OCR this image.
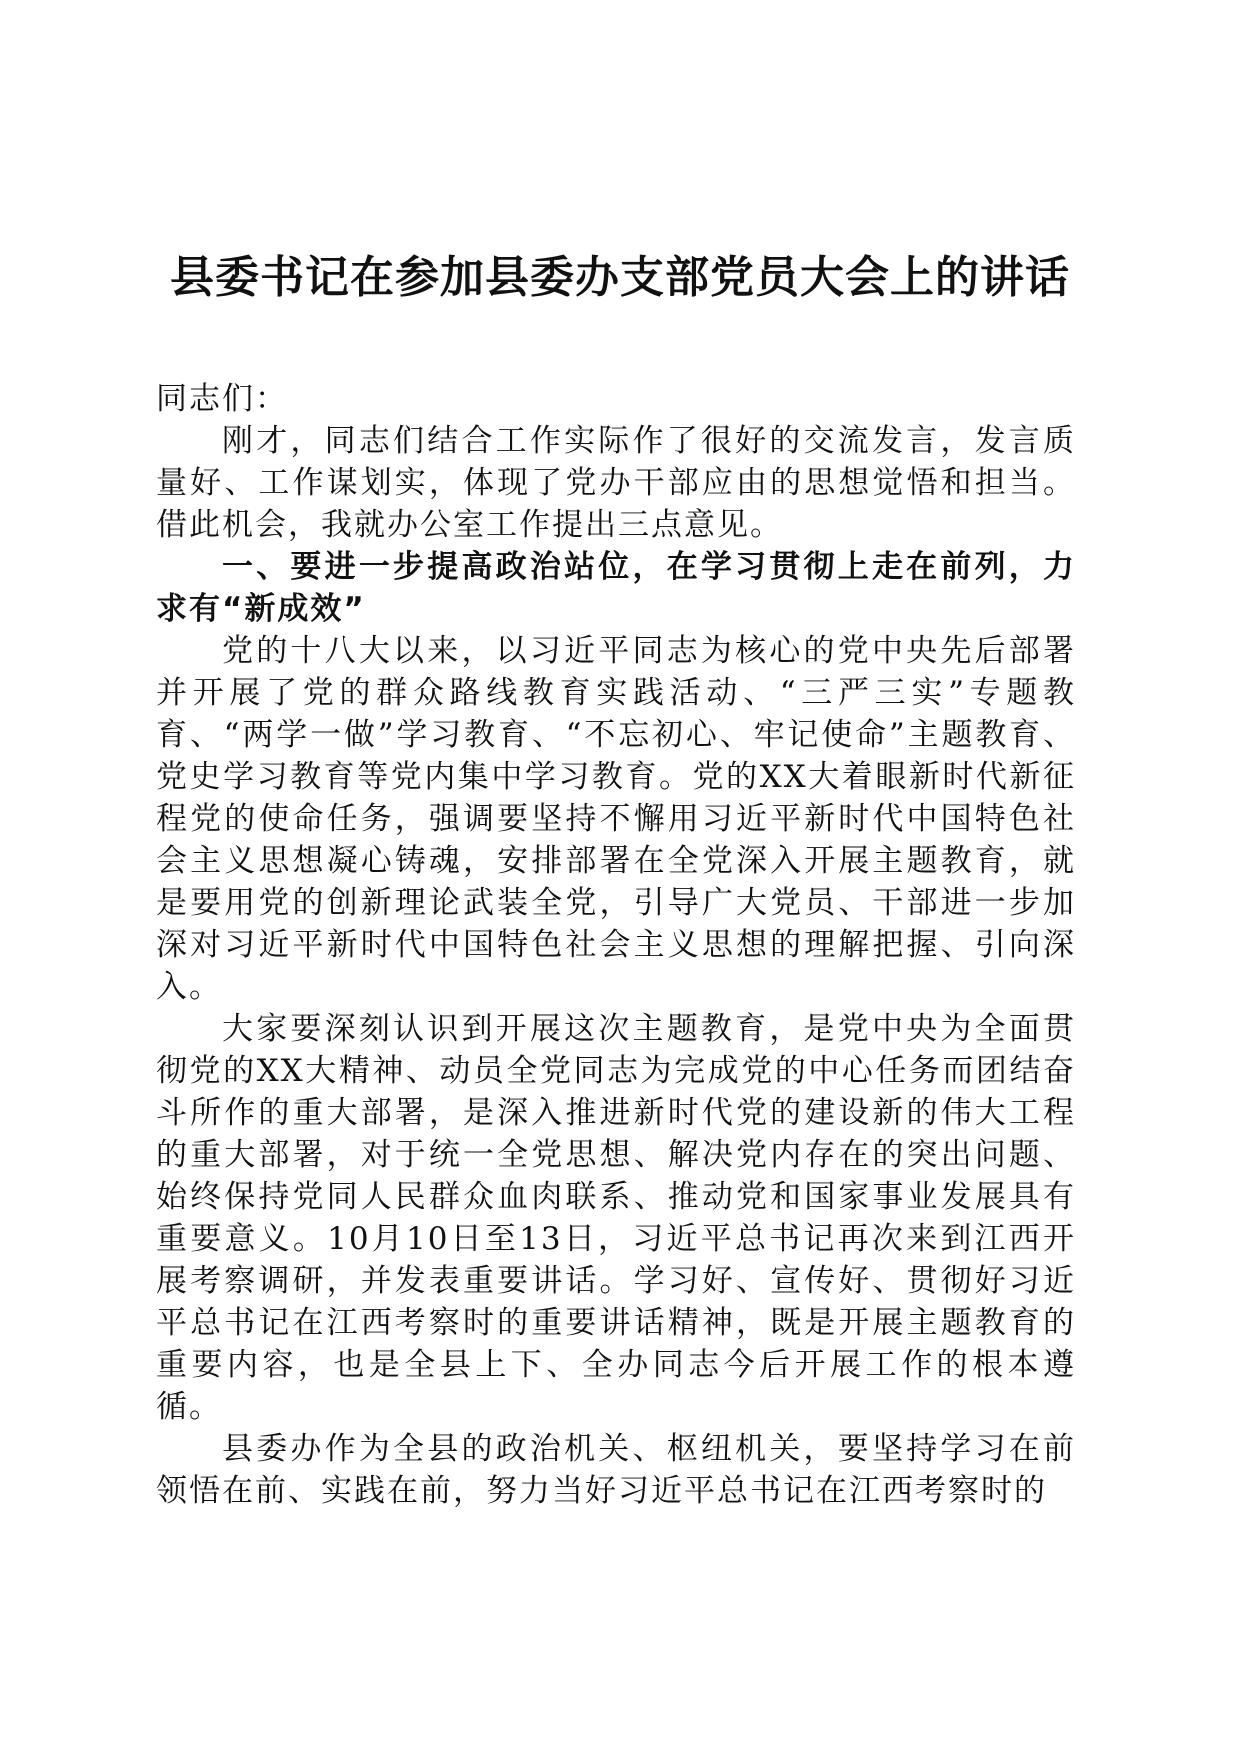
县委书记在参加县委办支部党员大会上的讲话

同志们：

刚才，同志们结合工作实际作了很好的交流发言，发言质量好、工作谋划实，体现了党办干部应由的思想觉悟和担当。借此机会，我就办公室工作提出三点意见。

一、要进一步提高政治站位，在学习贯彻上走在前列，力求有“新成效”

党的十八大以来，以习近平同志为核心的党中央先后部署并开展了党的群众路线教育实践活动、“三严三实”专题教育、“两学一做”学习教育、“不忘初心、牢记使命”主题教育、党史学习教育等党内集中学习教育。党的XX大着眼新时代新征程党的使命任务，强调要坚持不懈用习近平新时代中国特色社会主义思想凝心铸魂，安排部署在全党深入开展主题教育，就是要用党的创新理论武装全党，引导广大党员、干部进一步加深对习近平新时代中国特色社会主义思想的理解把握、引向深入。

大家要深刻认识到开展这次主题教育，是党中央为全面贯彻党的XX大精神、动员全党同志为完成党的中心任务而团结奋斗所作的重大部署，是深入推进新时代党的建设新的伟大工程的重大部署，对于统一全党思想、解决党内存在的突出问题、始终保持党同人民群众血肉联系、推动党和国家事业发展具有重要意义。10月10日至13日，习近平总书记再次来到江西开展考察调研，并发表重要讲话。学习好、宣传好、贯彻好习近平总书记在江西考察时的重要讲话精神，既是开展主题教育的重要内容，也是全县上下、全办同志今后开展工作的根本遵循。

县委办作为全县的政治机关、枢纽机关，要坚持学习在前领悟在前、实践在前，努力当好习近平总书记在江西考察时的
